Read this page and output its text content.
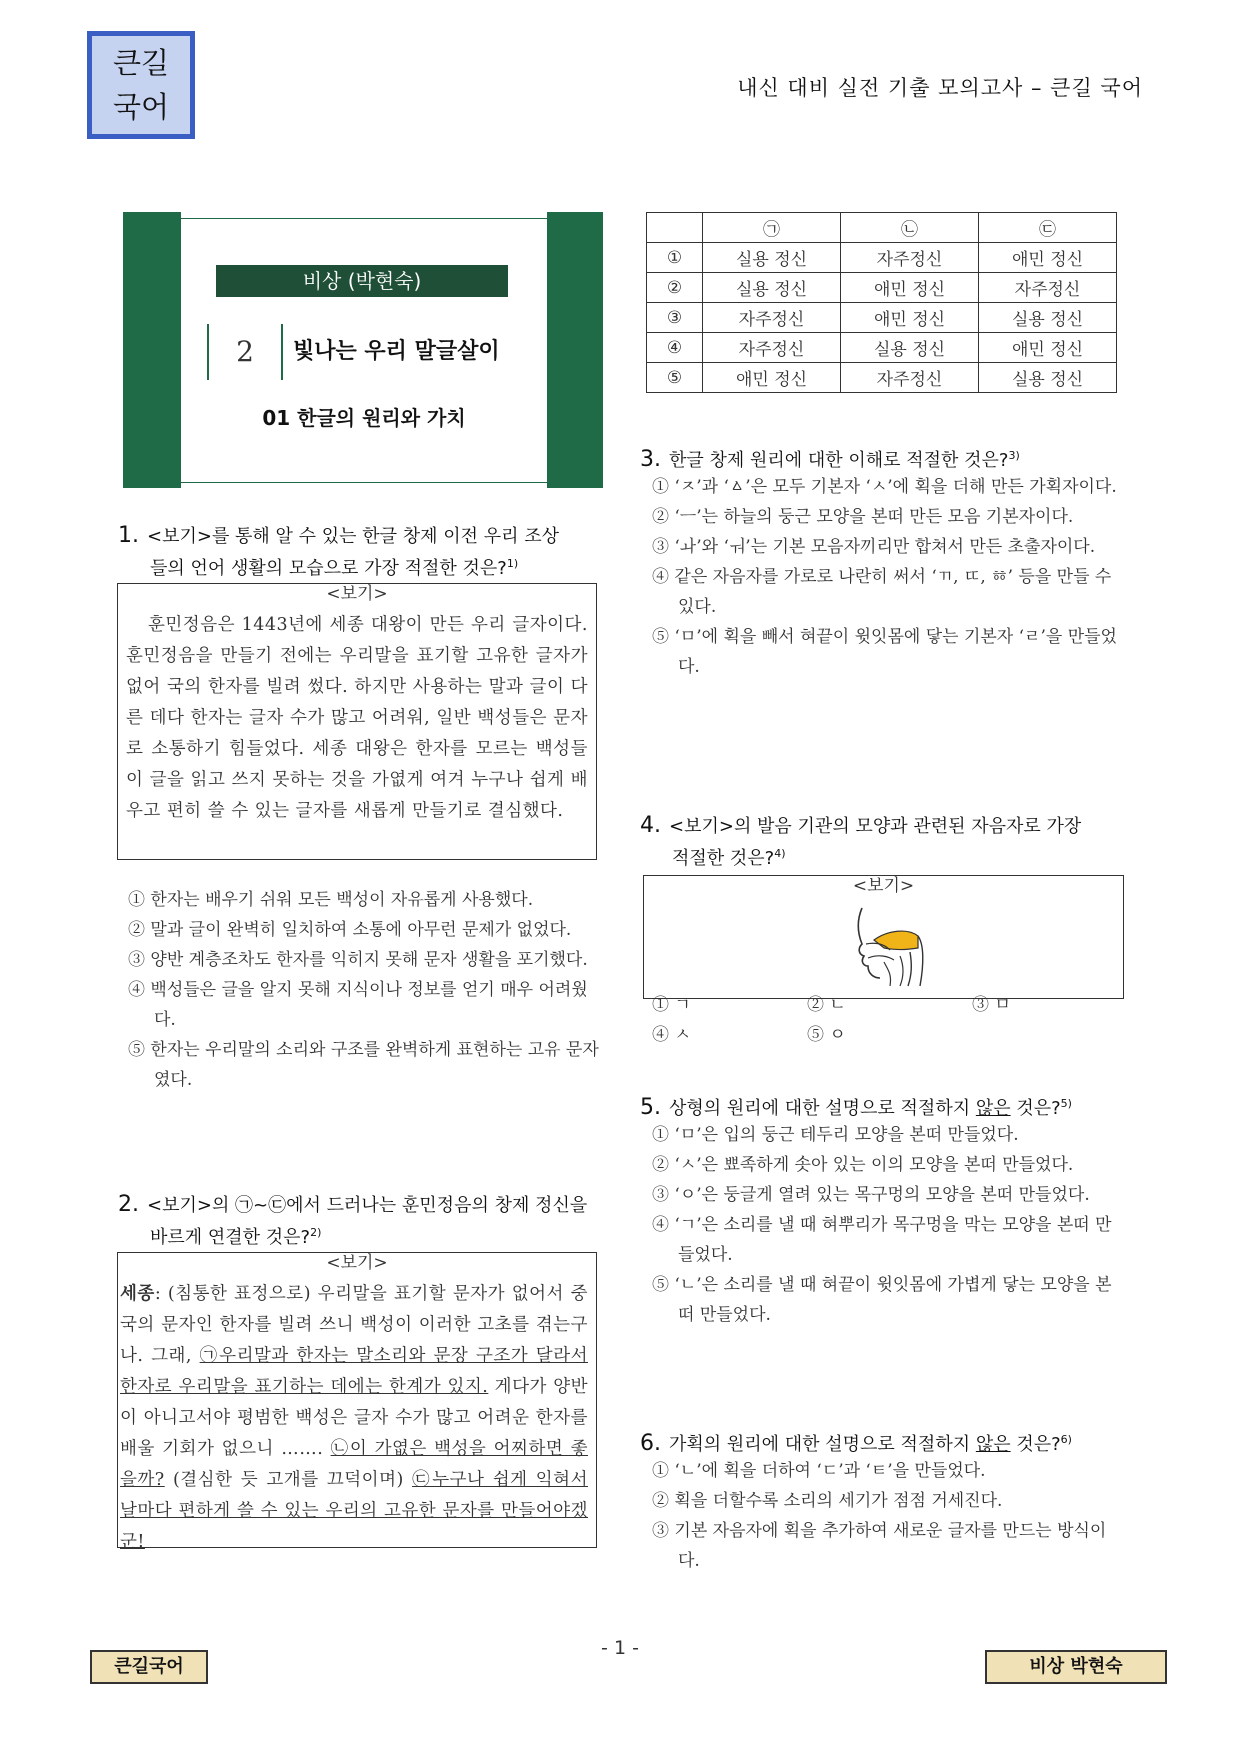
큰길
국어
내신 대비 실전 기출 모의고사 – 큰길 국어
비상 (박현숙)
2	빛나는 우리 말글살이
01 한글의 원리와 가치
1. <보기>를 통해 알 수 있는 한글 창제 이전 우리 조상
들의 언어 생활의 모습으로 가장 적절한 것은?$^{1)}$
<보기>
훈민정음은 1443년에 세종 대왕이 만든 우리 글자이다. 훈민정음을 만들기 전에는 우리말을 표기할 고유한 글자가 없어 국의 한자를 빌려 썼다. 하지만 사용하는 말과 글이 다른 데다 한자는 글자 수가 많고 어려워, 일반 백성들은 문자로 소통하기 힘들었다. 세종 대왕은 한자를 모르는 백성들이 글을 읽고 쓰지 못하는 것을 가엾게 여겨 누구나 쉽게 배우고 편히 쓸 수 있는 글자를 새롭게 만들기로 결심했다.
① 한자는 배우기 쉬워 모든 백성이 자유롭게 사용했다.
② 말과 글이 완벽히 일치하여 소통에 아무런 문제가 없었다.
③ 양반 계층조차도 한자를 익히지 못해 문자 생활을 포기했다.
④ 백성들은 글을 알지 못해 지식이나 정보를 얻기 매우 어려웠다.
⑤ 한자는 우리말의 소리와 구조를 완벽하게 표현하는 고유 문자였다.
2. <보기>의 ㉠~㉢에서 드러나는 훈민정음의 창제 정신을
바르게 연결한 것은?$^{2)}$
<보기>
세종: (침통한 표정으로) 우리말을 표기할 문자가 없어서 중국의 문자인 한자를 빌려 쓰니 백성이 이러한 고초를 겪는구나. 그래, ㉠우리말과 한자는 말소리와 문장 구조가 달라서 한자로 우리말을 표기하는 데에는 한계가 있지. 게다가 양반이 아니고서야 평범한 백성은 글자 수가 많고 어려운 한자를 배울 기회가 없으니 ……. ㉡이 가엾은 백성을 어찌하면 좋을까? (결심한 듯 고개를 끄덕이며) ㉢누구나 쉽게 익혀서 날마다 편하게 쓸 수 있는 우리의 고유한 문자를 만들어야겠군!
	㉠	㉡	㉢
①	실용 정신	자주정신	애민 정신
②	실용 정신	애민 정신	자주정신
③	자주정신	애민 정신	실용 정신
④	자주정신	실용 정신	애민 정신
⑤	애민 정신	자주정신	실용 정신
3. 한글 창제 원리에 대한 이해로 적절한 것은?$^{3)}$
① ‘ㅈ’과 ‘ㅿ’은 모두 기본자 ‘ㅅ’에 획을 더해 만든 가획자이다.
② ‘ㅡ’는 하늘의 둥근 모양을 본떠 만든 모음 기본자이다.
③ ‘ㅘ’와 ‘ㅝ’는 기본 모음자끼리만 합쳐서 만든 초출자이다.
④ 같은 자음자를 가로로 나란히 써서 ‘ㄲ, ㄸ, ㆅ’ 등을 만들 수 있다.
⑤ ‘ㅁ’에 획을 빼서 혀끝이 윗잇몸에 닿는 기본자 ‘ㄹ’을 만들었다.
4. <보기>의 발음 기관의 모양과 관련된 자음자로 가장
적절한 것은?$^{4)}$
<보기>
① ㄱ	② ㄴ	③ ㅁ
④ ㅅ	⑤ ㅇ
5. 상형의 원리에 대한 설명으로 적절하지 않은 것은?$^{5)}$
① ‘ㅁ’은 입의 둥근 테두리 모양을 본떠 만들었다.
② ‘ㅅ’은 뾰족하게 솟아 있는 이의 모양을 본떠 만들었다.
③ ‘ㅇ’은 둥글게 열려 있는 목구멍의 모양을 본떠 만들었다.
④ ‘ㄱ’은 소리를 낼 때 혀뿌리가 목구멍을 막는 모양을 본떠 만들었다.
⑤ ‘ㄴ’은 소리를 낼 때 혀끝이 윗잇몸에 가볍게 닿는 모양을 본떠 만들었다.
6. 가획의 원리에 대한 설명으로 적절하지 않은 것은?$^{6)}$
① ‘ㄴ’에 획을 더하여 ‘ㄷ’과 ‘ㅌ’을 만들었다.
② 획을 더할수록 소리의 세기가 점점 거세진다.
③ 기본 자음자에 획을 추가하여 새로운 글자를 만드는 방식이다.
큰길국어
- 1 -
비상 박현숙
